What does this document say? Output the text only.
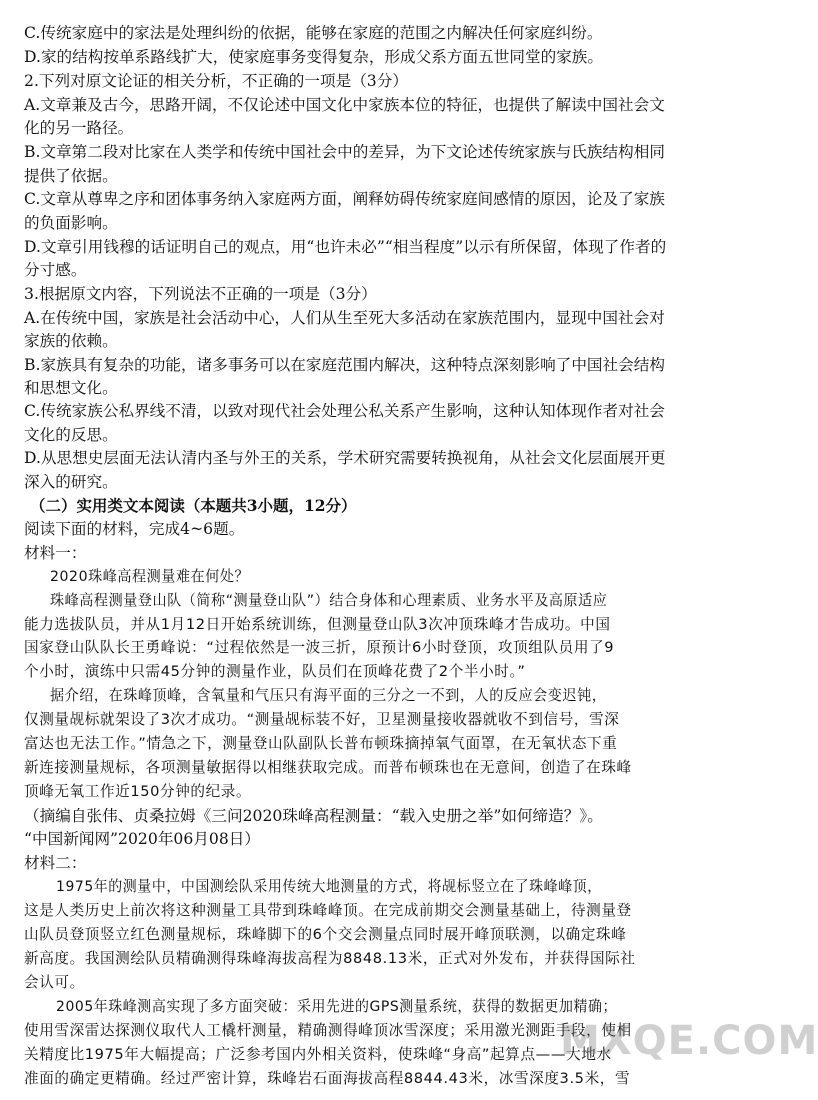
C.传统家庭中的家法是处理纠纷的依据，能够在家庭的范围之内解决任何家庭纠纷。
D.家的结构按单系路线扩大，使家庭事务变得复杂，形成父系方面五世同堂的家族。
2.下列对原文论证的相关分析，不正确的一项是（3分）
A.文章兼及古今，思路开阔，不仅论述中国文化中家族本位的特征，也提供了解读中国社会文
化的另一路径。
B.文章第二段对比家在人类学和传统中国社会中的差异，为下文论述传统家族与氏族结构相同
提供了依据。
C.文章从尊卑之序和团体事务纳入家庭两方面，阐释妨碍传统家庭间感情的原因，论及了家族
的负面影响。
D.文章引用钱穆的话证明自己的观点，用“也许未必”“相当程度”以示有所保留，体现了作者的
分寸感。
3.根据原文内容，下列说法不正确的一项是（3分）
A.在传统中国，家族是社会活动中心，人们从生至死大多活动在家族范围内，显现中国社会对
家族的依赖。
B.家族具有复杂的功能，诸多事务可以在家庭范围内解决，这种特点深刻影响了中国社会结构
和思想文化。
C.传统家族公私界线不清，以致对现代社会处理公私关系产生影响，这种认知体现作者对社会
文化的反思。
D.从思想史层面无法认清内圣与外王的关系，学术研究需要转换视角，从社会文化层面展开更
深入的研究。
（二）实用类文本阅读（本题共3小题，12分）
阅读下面的材料，完成4~6题。
材料一：
2020珠峰高程测量难在何处？
珠峰高程测量登山队（简称“测量登山队”）结合身体和心理素质、业务水平及高原适应
能力选拔队员，并从1月12日开始系统训练，但测量登山队3次冲顶珠峰才告成功。中国
国家登山队队长王勇峰说：“过程依然是一波三折，原预计6小时登顶，攻顶组队员用了9
个小时，演练中只需45分钟的测量作业，队员们在顶峰花费了2个半小时。”
据介绍，在珠峰顶峰，含氧量和气压只有海平面的三分之一不到，人的反应会变迟钝，
仅测量觇标就架设了3次才成功。“测量觇标装不好，卫星测量接收器就收不到信号，雪深
富达也无法工作。”情急之下，测量登山队副队长普布顿珠摘掉氧气面罩，在无氧状态下重
新连接测量规标，各项测量敏据得以相继获取完成。而普布顿珠也在无意间，创造了在珠峰
顶峰无氧工作近150分钟的纪录。
（摘编自张伟、贞桑拉姆《三问2020珠峰高程测量：“载入史册之举”如何缔造？》。
“中国新闻网”2020年06月08日）
材料二：
1975年的测量中，中国测绘队采用传统大地测量的方式，将觇标竖立在了珠峰峰顶，
这是人类历史上前次将这种测量工具带到珠峰峰顶。在完成前期交会测量基础上，待测量登
山队员登顶竖立红色测量规标，珠峰脚下的6个交会测量点同时展开峰顶联测，以确定珠峰
新高度。我国测绘队员精确测得珠峰海拔高程为8848.13米，正式对外发布，并获得国际社
会认可。
2005年珠峰测高实现了多方面突破：采用先进的GPS测量系统，获得的数据更加精确；
使用雪深雷达探测仪取代人工橇杆测量，精确测得峰顶冰雪深度；采用激光测距手段，使相
关精度比1975年大幅提高；广泛参考国内外相关资料，使珠峰“身高”起算点——大地水
准面的确定更精确。经过严密计算，珠峰岩石面海拔高程8844.43米，冰雪深度3.5米，雪
MXQE.COM
